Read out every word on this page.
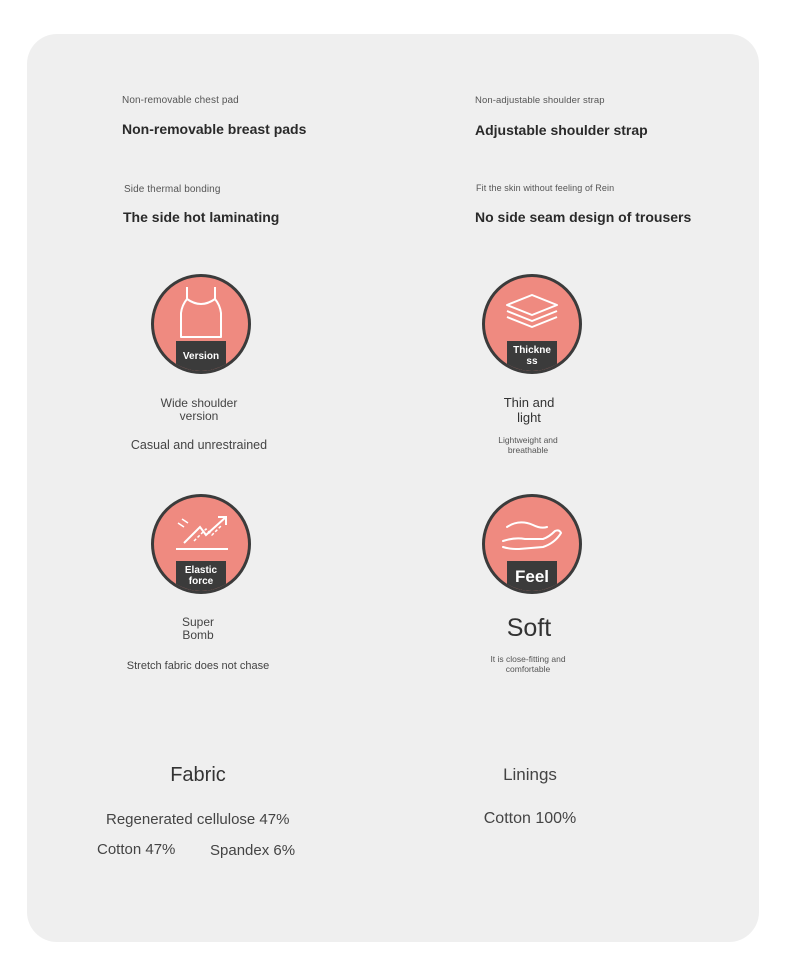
Non-removable chest pad
Non-removable breast pads
Non-adjustable shoulder strap
Adjustable shoulder strap
Side thermal bonding
The side hot laminating
Fit the skin without feeling of Rein
No side seam design of trousers
Version
Wide shoulder
version
Casual and unrestrained
Thickne
ss
Thin and
light
Lightweight and
breathable
Elastic
force
Super
Bomb
Stretch fabric does not chase
Feel
Soft
It is close-fitting and
comfortable
Fabric
Regenerated cellulose 47%
Cotton 47% Spandex 6%
Linings
Cotton 100%
